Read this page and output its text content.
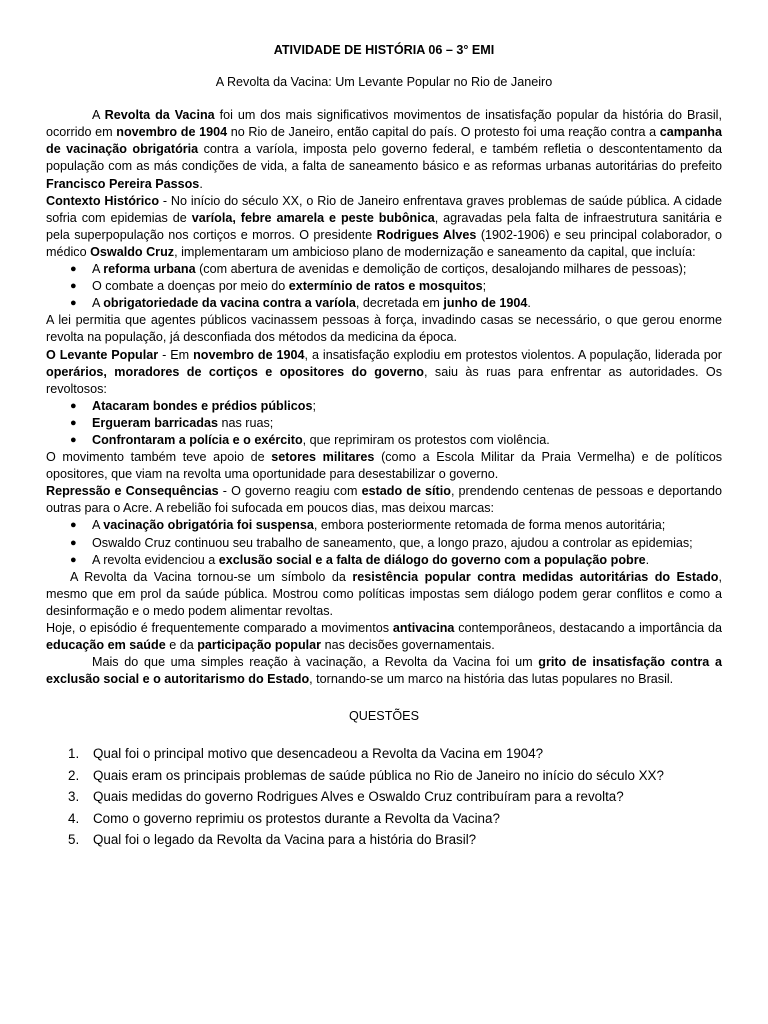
ATIVIDADE DE HISTÓRIA 06 – 3° EMI
A Revolta da Vacina: Um Levante Popular no Rio de Janeiro

A Revolta da Vacina foi um dos mais significativos movimentos de insatisfação popular da história do Brasil, ocorrido em novembro de 1904 no Rio de Janeiro, então capital do país. O protesto foi uma reação contra a campanha de vacinação obrigatória contra a varíola, imposta pelo governo federal, e também refletia o descontentamento da população com as más condições de vida, a falta de saneamento básico e as reformas urbanas autoritárias do prefeito Francisco Pereira Passos.

Contexto Histórico - No início do século XX, o Rio de Janeiro enfrentava graves problemas de saúde pública. A cidade sofria com epidemias de varíola, febre amarela e peste bubônica, agravadas pela falta de infraestrutura sanitária e pela superpopulação nos cortiços e morros. O presidente Rodrigues Alves (1902-1906) e seu principal colaborador, o médico Oswaldo Cruz, implementaram um ambicioso plano de modernização e saneamento da capital, que incluía:

● A reforma urbana (com abertura de avenidas e demolição de cortiços, desalojando milhares de pessoas);
● O combate a doenças por meio do extermínio de ratos e mosquitos;
● A obrigatoriedade da vacina contra a varíola, decretada em junho de 1904.

A lei permitia que agentes públicos vacinassem pessoas à força, invadindo casas se necessário, o que gerou enorme revolta na população, já desconfiada dos métodos da medicina da época.

O Levante Popular - Em novembro de 1904, a insatisfação explodiu em protestos violentos. A população, liderada por operários, moradores de cortiços e opositores do governo, saiu às ruas para enfrentar as autoridades. Os revoltosos:

● Atacaram bondes e prédios públicos;
● Ergueram barricadas nas ruas;
● Confrontaram a polícia e o exército, que reprimiram os protestos com violência.

O movimento também teve apoio de setores militares (como a Escola Militar da Praia Vermelha) e de políticos opositores, que viam na revolta uma oportunidade para desestabilizar o governo.

Repressão e Consequências - O governo reagiu com estado de sítio, prendendo centenas de pessoas e deportando outras para o Acre. A rebelião foi sufocada em poucos dias, mas deixou marcas:

● A vacinação obrigatória foi suspensa, embora posteriormente retomada de forma menos autoritária;
● Oswaldo Cruz continuou seu trabalho de saneamento, que, a longo prazo, ajudou a controlar as epidemias;
● A revolta evidenciou a exclusão social e a falta de diálogo do governo com a população pobre.

A Revolta da Vacina tornou-se um símbolo da resistência popular contra medidas autoritárias do Estado, mesmo que em prol da saúde pública. Mostrou como políticas impostas sem diálogo podem gerar conflitos e como a desinformação e o medo podem alimentar revoltas.

Hoje, o episódio é frequentemente comparado a movimentos antivacina contemporâneos, destacando a importância da educação em saúde e da participação popular nas decisões governamentais.

Mais do que uma simples reação à vacinação, a Revolta da Vacina foi um grito de insatisfação contra a exclusão social e o autoritarismo do Estado, tornando-se um marco na história das lutas populares no Brasil.

QUESTÕES
1. Qual foi o principal motivo que desencadeou a Revolta da Vacina em 1904?
2. Quais eram os principais problemas de saúde pública no Rio de Janeiro no início do século XX?
3. Quais medidas do governo Rodrigues Alves e Oswaldo Cruz contribuíram para a revolta?
4. Como o governo reprimiu os protestos durante a Revolta da Vacina?
5. Qual foi o legado da Revolta da Vacina para a história do Brasil?
